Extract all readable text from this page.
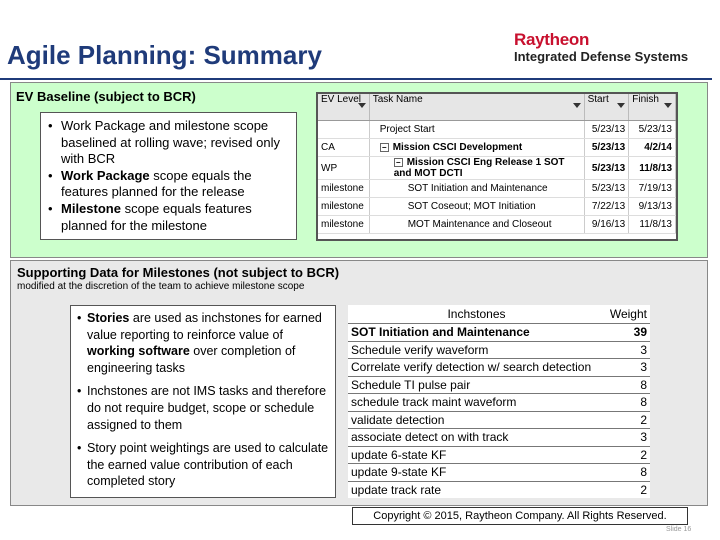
Agile Planning: Summary
Raytheon
Integrated Defense Systems
EV Baseline (subject to BCR)
• Work Package and milestone scope baselined at rolling wave; revised only with BCR
• Work Package scope equals the features planned for the release
• Milestone scope equals features planned for the milestone
EV Level	Task Name	Start	Finish

	Project Start	5/23/13	5/23/13
CA	− Mission CSCI Development	5/23/13	4/2/14
WP	− Mission CSCI Eng Release 1 SOT and MOT DCTI	5/23/13	11/8/13
milestone	SOT Initiation and Maintenance	5/23/13	7/19/13
milestone	SOT Coseout; MOT Initiation	7/22/13	9/13/13
milestone	MOT Maintenance and Closeout	9/16/13	11/8/13
Supporting Data for Milestones (not subject to BCR)
modified at the discretion of the team to achieve milestone scope
• Stories are used as inchstones for earned value reporting to reinforce value of working software over completion of engineering tasks
• Inchstones are not IMS tasks and therefore do not require budget, scope or schedule assigned to them
• Story point weightings are used to calculate the earned value contribution of each completed story
Inchstones	Weight
SOT Initiation and Maintenance	39
Schedule verify waveform	3
Correlate verify detection w/ search detection	3
Schedule TI pulse pair	8
schedule track maint waveform	8
validate detection	2
associate detect on with track	3
update 6-state KF	2
update 9-state KF	8
update track rate	2
Copyright © 2015, Raytheon Company. All Rights Reserved.
Slide 16
